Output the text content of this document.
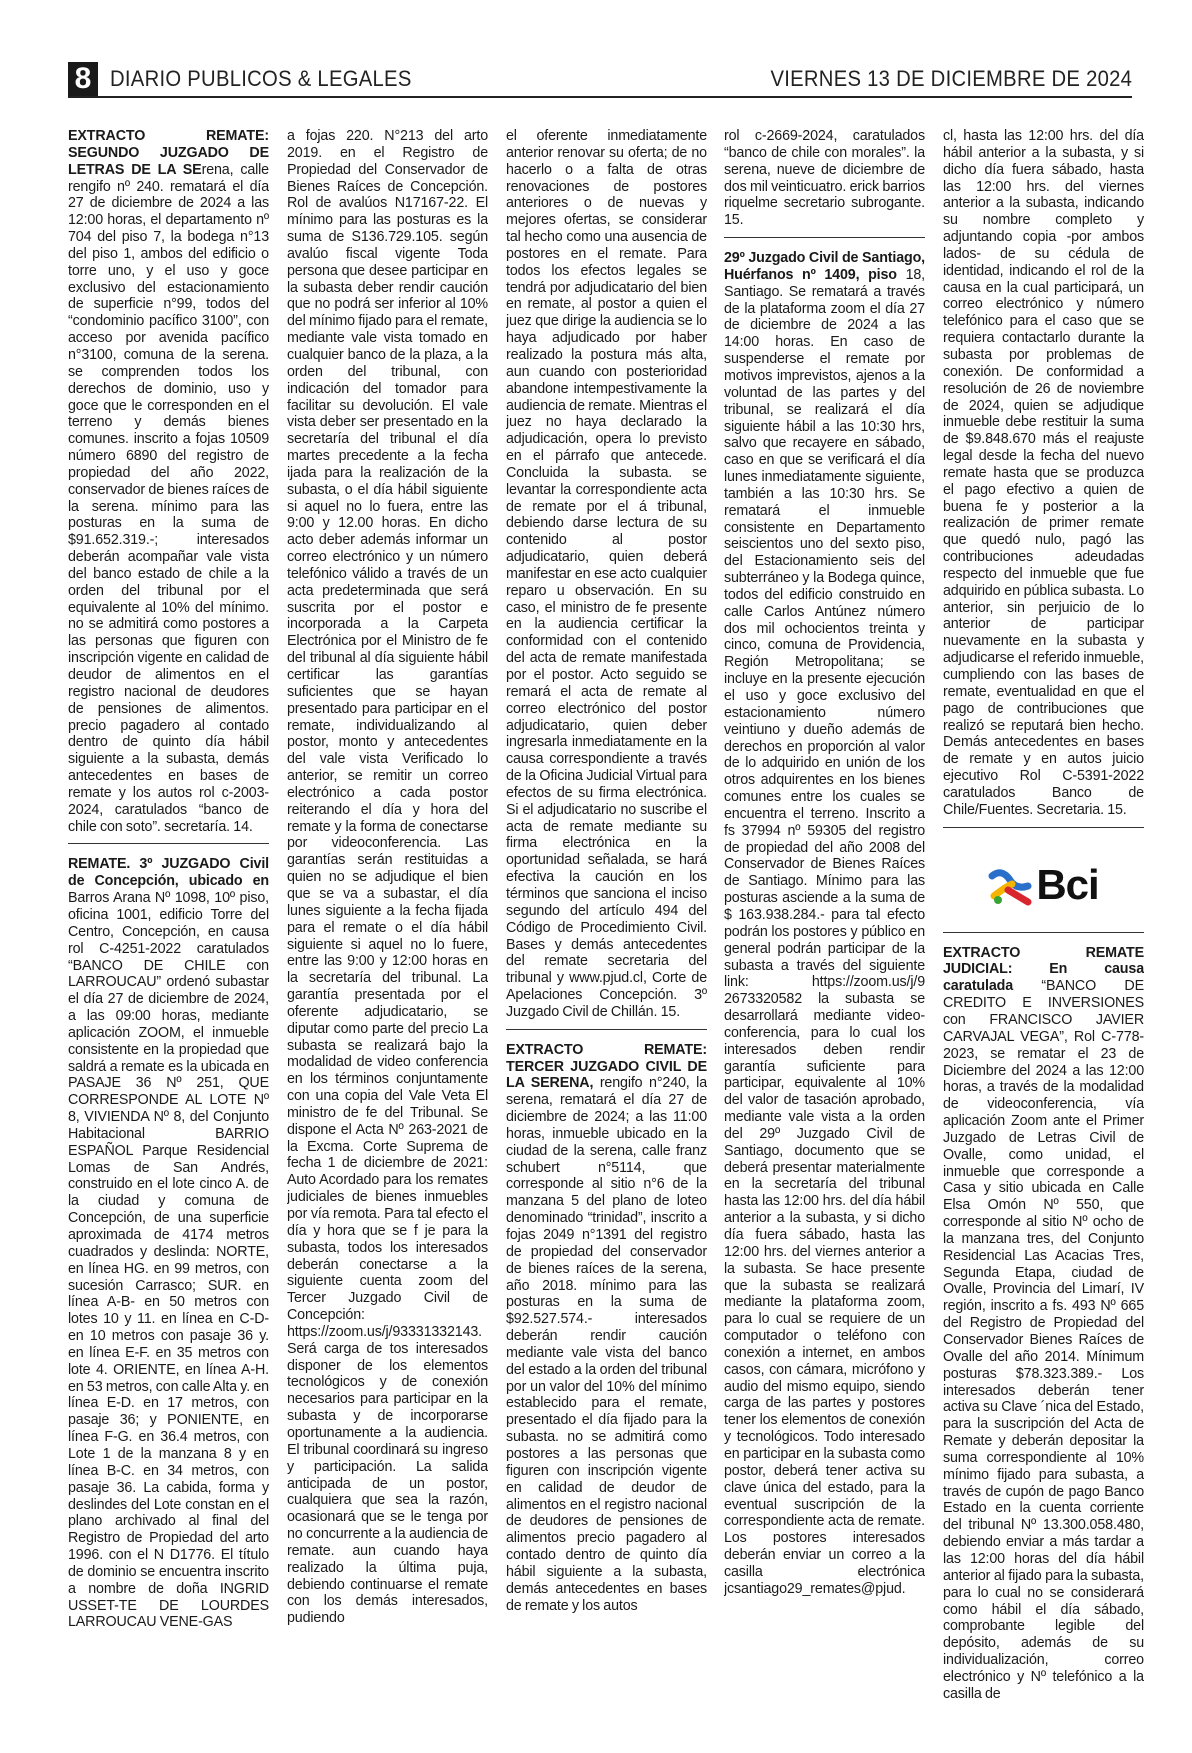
8 DIARIO PUBLICOS & LEGALES	VIERNES 13 DE DICIEMBRE DE 2024

EXTRACTO REMATE: SEGUNDO JUZGADO DE LETRAS DE LA SErena, calle rengifo nº 240. rematará el día 27 de diciembre de 2024 a las 12:00 horas, el departamento nº 704 del piso 7, la bodega n°13 del piso 1, ambos del edificio o torre uno, y el uso y goce exclusivo del estacionamiento de superficie n°99, todos del “condominio pacífico 3100”, con acceso por avenida pacífico n°3100, comuna de la serena. se comprenden todos los derechos de dominio, uso y goce que le corresponden en el terreno y demás bienes comunes. inscrito a fojas 10509 número 6890 del registro de propiedad del año 2022, conservador de bienes raíces de la serena. mínimo para las posturas en la suma de $91.652.319.-; interesados deberán acompañar vale vista del banco estado de chile a la orden del tribunal por el equivalente al 10% del mínimo. no se admitirá como postores a las personas que figuren con inscripción vigente en calidad de deudor de alimentos en el registro nacional de deudores de pensiones de alimentos. precio pagadero al contado dentro de quinto día hábil siguiente a la subasta, demás antecedentes en bases de remate y los autos rol c-2003-2024, caratulados “banco de chile con soto”. secretaría. 14.

REMATE. 3º JUZGADO Civil de Concepción, ubicado en Barros Arana Nº 1098, 10º piso, oficina 1001, edificio Torre del Centro, Concepción, en causa rol C-4251-2022 caratulados “BANCO DE CHILE con LARROUCAU” ordenó subastar el día 27 de diciembre de 2024, a las 09:00 horas, mediante aplicación ZOOM, el inmueble consistente en la propiedad que saldrá a remate es la ubicada en PASAJE 36 Nº 251, QUE CORRESPONDE AL LOTE Nº 8, VIVIENDA Nº 8, del Conjunto Habitacional BARRIO ESPAÑOL Parque Residencial Lomas de San Andrés, construido en el lote cinco A. de la ciudad y comuna de Concepción, de una superficie aproximada de 4174 metros cuadrados y deslinda: NORTE, en línea HG. en 99 metros, con sucesión Carrasco; SUR. en línea A-B- en 50 metros con lotes 10 y 11. en línea en C-D- en 10 metros con pasaje 36 y. en línea E-F. en 35 metros con lote 4. ORIENTE, en línea A-H. en 53 metros, con calle Alta y. en línea E-D. en 17 metros, con pasaje 36; y PONIENTE, en línea F-G. en 36.4 metros, con Lote 1 de la manzana 8 y en línea B-C. en 34 metros, con pasaje 36. La cabida, forma y deslindes del Lote constan en el plano archivado al final del Registro de Propiedad del arto 1996. con el N D1776. El título de dominio se encuentra inscrito a nombre de doña INGRID USSET-TE DE LOURDES LARROUCAU VENE-GAS

a fojas 220. N°213 del arto 2019. en el Registro de Propiedad del Conservador de Bienes Raíces de Concepción. Rol de avalúos N17167-22. El mínimo para las posturas es la suma de S136.729.105. según avalúo fiscal vigente Toda persona que desee participar en la subasta deber rendir caución que no podrá ser inferior al 10% del mínimo fijado para el remate, mediante vale vista tomado en cualquier banco de la plaza, a la orden del tribunal, con indicación del tomador para facilitar su devolución. El vale vista deber ser presentado en la secretaría del tribunal el día martes precedente a la fecha ijada para la realización de la subasta, o el día hábil siguiente si aquel no lo fuera, entre las 9:00 y 12.00 horas. En dicho acto deber además informar un correo electrónico y un número telefónico válido a través de un acta predeterminada que será suscrita por el postor e incorporada a la Carpeta Electrónica por el Ministro de fe del tribunal al día siguiente hábil certificar las garantías suficientes que se hayan presentado para participar en el remate, individualizando al postor, monto y antecedentes del vale vista Verificado lo anterior, se remitir un correo electrónico a cada postor reiterando el día y hora del remate y la forma de conectarse por videoconferencia. Las garantías serán restituidas a quien no se adjudique el bien que se va a subastar, el día lunes siguiente a la fecha fijada para el remate o el día hábil siguiente si aquel no lo fuere, entre las 9:00 y 12:00 horas en la secretaría del tribunal. La garantía presentada por el oferente adjudicatario, se diputar como parte del precio La subasta se realizará bajo la modalidad de video conferencia en los términos conjuntamente con una copia del Vale Veta El ministro de fe del Tribunal. Se dispone el Acta Nº 263-2021 de la Excma. Corte Suprema de fecha 1 de diciembre de 2021: Auto Acordado para los remates judiciales de bienes inmuebles por vía remota. Para tal efecto el día y hora que se f je para la subasta, todos los interesados deberán conectarse a la siguiente cuenta zoom del Tercer Juzgado Civil de Concepción: https://zoom.us/j/93331332143. Será carga de tos interesados disponer de los elementos tecnológicos y de conexión necesarios para participar en la subasta y de incorporarse oportunamente a la audiencia. El tribunal coordinará su ingreso y participación. La salida anticipada de un postor, cualquiera que sea la razón, ocasionará que se le tenga por no concurrente a la audiencia de remate. aun cuando haya realizado la última puja, debiendo continuarse el remate con los demás interesados, pudiendo

el oferente inmediatamente anterior renovar su oferta; de no hacerlo o a falta de otras renovaciones de postores anteriores o de nuevas y mejores ofertas, se considerar tal hecho como una ausencia de postores en el remate. Para todos los efectos legales se tendrá por adjudicatario del bien en remate, al postor a quien el juez que dirige la audiencia se lo haya adjudicado por haber realizado la postura más alta, aun cuando con posterioridad abandone intempestivamente la audiencia de remate. Mientras el juez no haya declarado la adjudicación, opera lo previsto en el párrafo que antecede. Concluida la subasta. se levantar la correspondiente acta de remate por el á tribunal, debiendo darse lectura de su contenido al postor adjudicatario, quien deberá manifestar en ese acto cualquier reparo u observación. En su caso, el ministro de fe presente en la audiencia certificar la conformidad con el contenido del acta de remate manifestada por el postor. Acto seguido se remará el acta de remate al correo electrónico del postor adjudicatario, quien deber ingresarla inmediatamente en la causa correspondiente a través de la Oficina Judicial Virtual para efectos de su firma electrónica. Si el adjudicatario no suscribe el acta de remate mediante su firma electrónica en la oportunidad señalada, se hará efectiva la caución en los términos que sanciona el inciso segundo del artículo 494 del Código de Procedimiento Civil. Bases y demás antecedentes del remate secretaria del tribunal y www.pjud.cl, Corte de Apelaciones Concepción. 3º Juzgado Civil de Chillán. 15.

EXTRACTO REMATE: TERCER JUZGADO CIVIL DE LA SERENA, rengifo n°240, la serena, rematará el día 27 de diciembre de 2024; a las 11:00 horas, inmueble ubicado en la ciudad de la serena, calle franz schubert n°5114, que corresponde al sitio n°6 de la manzana 5 del plano de loteo denominado “trinidad”, inscrito a fojas 2049 n°1391 del registro de propiedad del conservador de bienes raíces de la serena, año 2018. mínimo para las posturas en la suma de $92.527.574.- interesados deberán rendir caución mediante vale vista del banco del estado a la orden del tribunal por un valor del 10% del mínimo establecido para el remate, presentado el día fijado para la subasta. no se admitirá como postores a las personas que figuren con inscripción vigente en calidad de deudor de alimentos en el registro nacional de deudores de pensiones de alimentos precio pagadero al contado dentro de quinto día hábil siguiente a la subasta, demás antecedentes en bases de remate y los autos

rol c-2669-2024, caratulados “banco de chile con morales”. la serena, nueve de diciembre de dos mil veinticuatro. erick barrios riquelme secretario subrogante. 15.

29º Juzgado Civil de Santiago, Huérfanos nº 1409, piso 18, Santiago. Se rematará a través de la plataforma zoom el día 27 de diciembre de 2024 a las 14:00 horas. En caso de suspenderse el remate por motivos imprevistos, ajenos a la voluntad de las partes y del tribunal, se realizará el día siguiente hábil a las 10:30 hrs, salvo que recayere en sábado, caso en que se verificará el día lunes inmediatamente siguiente, también a las 10:30 hrs. Se rematará el inmueble consistente en Departamento seiscientos uno del sexto piso, del Estacionamiento seis del subterráneo y la Bodega quince, todos del edificio construido en calle Carlos Antúnez número dos mil ochocientos treinta y cinco, comuna de Providencia, Región Metropolitana; se incluye en la presente ejecución el uso y goce exclusivo del estacionamiento número veintiuno y dueño además de derechos en proporción al valor de lo adquirido en unión de los otros adquirentes en los bienes comunes entre los cuales se encuentra el terreno. Inscrito a fs 37994 nº 59305 del registro de propiedad del año 2008 del Conservador de Bienes Raíces de Santiago. Mínimo para las posturas asciende a la suma de $ 163.938.284.- para tal efecto podrán los postores y público en general podrán participar de la subasta a través del siguiente link: https://zoom.us/j/9 2673320582 la subasta se desarrollará mediante video-conferencia, para lo cual los interesados deben rendir garantía suficiente para participar, equivalente al 10% del valor de tasación aprobado, mediante vale vista a la orden del 29º Juzgado Civil de Santiago, documento que se deberá presentar materialmente en la secretaría del tribunal hasta las 12:00 hrs. del día hábil anterior a la subasta, y si dicho día fuera sábado, hasta las 12:00 hrs. del viernes anterior a la subasta. Se hace presente que la subasta se realizará mediante la plataforma zoom, para lo cual se requiere de un computador o teléfono con conexión a internet, en ambos casos, con cámara, micrófono y audio del mismo equipo, siendo carga de las partes y postores tener los elementos de conexión y tecnológicos. Todo interesado en participar en la subasta como postor, deberá tener activa su clave única del estado, para la eventual suscripción de la correspondiente acta de remate. Los postores interesados deberán enviar un correo a la casilla electrónica jcsantiago29_remates@pjud.

cl, hasta las 12:00 hrs. del día hábil anterior a la subasta, y si dicho día fuera sábado, hasta las 12:00 hrs. del viernes anterior a la subasta, indicando su nombre completo y adjuntando copia -por ambos lados- de su cédula de identidad, indicando el rol de la causa en la cual participará, un correo electrónico y número telefónico para el caso que se requiera contactarlo durante la subasta por problemas de conexión. De conformidad a resolución de 26 de noviembre de 2024, quien se adjudique inmueble debe restituir la suma de $9.848.670 más el reajuste legal desde la fecha del nuevo remate hasta que se produzca el pago efectivo a quien de buena fe y posterior a la realización de primer remate que quedó nulo, pagó las contribuciones adeudadas respecto del inmueble que fue adquirido en pública subasta. Lo anterior, sin perjuicio de lo anterior de participar nuevamente en la subasta y adjudicarse el referido inmueble, cumpliendo con las bases de remate, eventualidad en que el pago de contribuciones que realizó se reputará bien hecho. Demás antecedentes en bases de remate y en autos juicio ejecutivo Rol C-5391-2022 caratulados Banco de Chile/Fuentes. Secretaria. 15.

Bci

EXTRACTO REMATE JUDICIAL: En causa caratulada “BANCO DE CREDITO E INVERSIONES con FRANCISCO JAVIER CARVAJAL VEGA”, Rol C-778-2023, se rematar el 23 de Diciembre del 2024 a las 12:00 horas, a través de la modalidad de videoconferencia, vía aplicación Zoom ante el Primer Juzgado de Letras Civil de Ovalle, como unidad, el inmueble que corresponde a Casa y sitio ubicada en Calle Elsa Omón Nº 550, que corresponde al sitio Nº ocho de la manzana tres, del Conjunto Residencial Las Acacias Tres, Segunda Etapa, ciudad de Ovalle, Provincia del Limarí, IV región, inscrito a fs. 493 Nº 665 del Registro de Propiedad del Conservador Bienes Raíces de Ovalle del año 2014. Mínimum posturas $78.323.389.- Los interesados deberán tener activa su Clave ´nica del Estado, para la suscripción del Acta de Remate y deberán depositar la suma correspondiente al 10% mínimo fijado para subasta, a través de cupón de pago Banco Estado en la cuenta corriente del tribunal Nº 13.300.058.480, debiendo enviar a más tardar a las 12:00 horas del día hábil anterior al fijado para la subasta, para lo cual no se considerará como hábil el día sábado, comprobante legible del depósito, además de su individualización, correo electrónico y Nº telefónico a la casilla de
